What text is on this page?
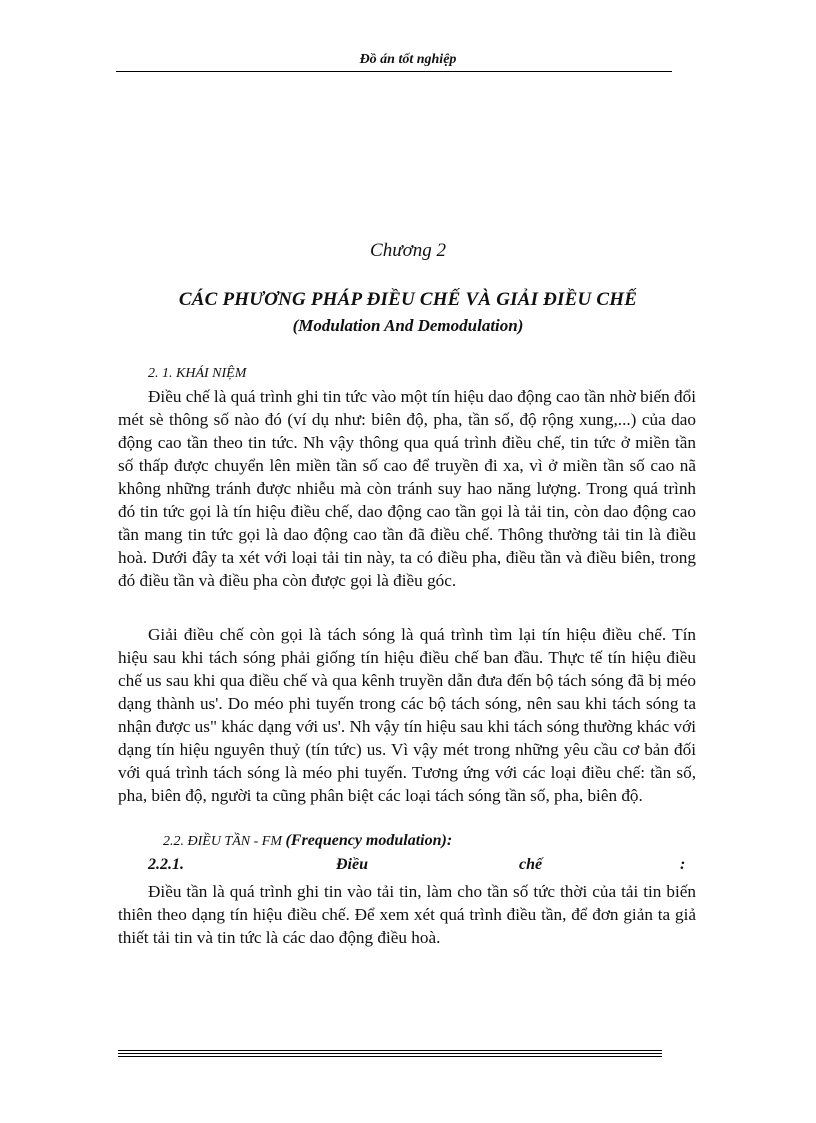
Đồ án tốt nghiệp
Chương 2
CÁC PHƯƠNG PHÁP ĐIỀU CHẾ VÀ GIẢI ĐIỀU CHẾ
(Modulation And Demodulation)
2. 1. KHÁI NIỆM

Điều chế là quá trình ghi tin tức vào một tín hiệu dao động cao tần nhờ biến đổi mét sè thông số nào đó (ví dụ như: biên độ, pha, tần số, độ rộng xung,...) của dao động cao tần theo tin tức. Nh vậy thông qua quá trình điều chế, tin tức ở miền tần số thấp được chuyển lên miền tần số cao để truyền đi xa, vì ở miền tần số cao nã không những tránh được nhiễu mà còn tránh suy hao năng lượng. Trong quá trình đó tin tức gọi là tín hiệu điều chế, dao động cao tần gọi là tải tin, còn dao động cao tần mang tin tức gọi là dao động cao tần đã điều chế. Thông thường tải tin là điều hoà. Dưới đây ta xét với loại tải tin này, ta có điều pha, điều tần và điều biên, trong đó điều tần và điều pha còn được gọi là điều góc.

Giải điều chế còn gọi là tách sóng là quá trình tìm lại tín hiệu điều chế. Tín hiệu sau khi tách sóng phải giống tín hiệu điều chế ban đầu. Thực tế tín hiệu điều chế us sau khi qua điều chế và qua kênh truyền dẫn đưa đến bộ tách sóng đã bị méo dạng thành us'. Do méo phi tuyến trong các bộ tách sóng, nên sau khi tách sóng ta nhận được us" khác dạng với us'. Nh vậy tín hiệu sau khi tách sóng thường khác với dạng tín hiệu nguyên thuỷ (tín tức) us. Vì vậy mét trong những yêu cầu cơ bản đối với quá trình tách sóng là méo phi tuyến. Tương ứng với các loại điều chế: tần số, pha, biên độ, người ta cũng phân biệt các loại tách sóng tần số, pha, biên độ.

2.2. ĐIỀU TẦN - FM (Frequency modulation):
2.2.1.	Điều	chế	:

Điều tần là quá trình ghi tin vào tải tin, làm cho tần số tức thời của tải tin biến thiên theo dạng tín hiệu điều chế. Để xem xét quá trình điều tần, để đơn giản ta giả thiết tải tin và tin tức là các dao động điều hoà.
